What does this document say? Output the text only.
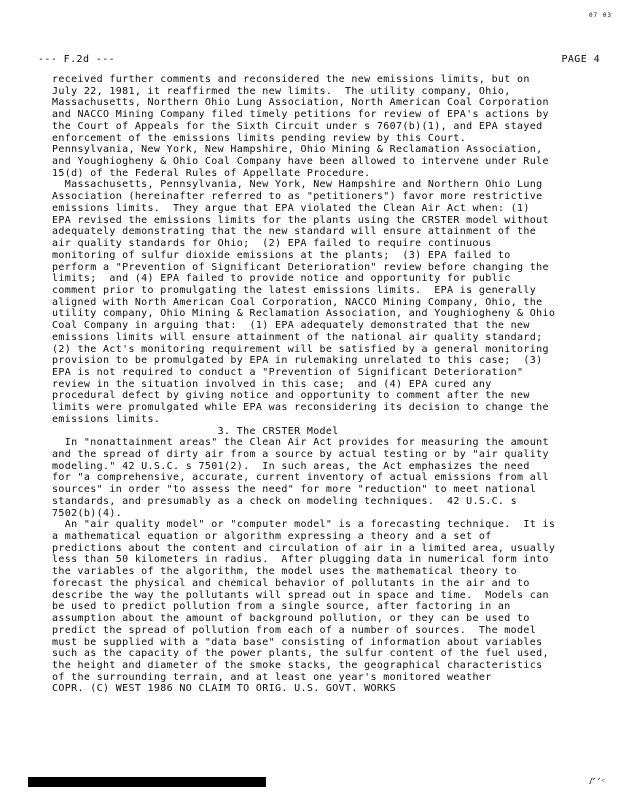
07 03
--- F.2d ---	PAGE 4
received further comments and reconsidered the new emissions limits, but on
July 22, 1981, it reaffirmed the new limits.  The utility company, Ohio,
Massachusetts, Northern Ohio Lung Association, North American Coal Corporation
and NACCO Mining Company filed timely petitions for review of EPA's actions by
the Court of Appeals for the Sixth Circuit under s 7607(b)(1), and EPA stayed
enforcement of the emissions limits pending review by this Court.
Pennsylvania, New York, New Hampshire, Ohio Mining & Reclamation Association,
and Youghiogheny & Ohio Coal Company have been allowed to intervene under Rule
15(d) of the Federal Rules of Appellate Procedure.
Massachusetts, Pennsylvania, New York, New Hampshire and Northern Ohio Lung
Association (hereinafter referred to as "petitioners") favor more restrictive
emissions limits.  They argue that EPA violated the Clean Air Act when: (1)
EPA revised the emissions limits for the plants using the CRSTER model without
adequately demonstrating that the new standard will ensure attainment of the
air quality standards for Ohio;  (2) EPA failed to require continuous
monitoring of sulfur dioxide emissions at the plants;  (3) EPA failed to
perform a "Prevention of Significant Deterioration" review before changing the
limits;  and (4) EPA failed to provide notice and opportunity for public
comment prior to promulgating the latest emissions limits.  EPA is generally
aligned with North American Coal Corporation, NACCO Mining Company, Ohio, the
utility company, Ohio Mining & Reclamation Association, and Youghiogheny & Ohio
Coal Company in arguing that:  (1) EPA adequately demonstrated that the new
emissions limits will ensure attainment of the national air quality standard;
(2) the Act's monitoring requirement will be satisfied by a general monitoring
provision to be promulgated by EPA in rulemaking unrelated to this case;  (3)
EPA is not required to conduct a "Prevention of Significant Deterioration"
review in the situation involved in this case;  and (4) EPA cured any
procedural defect by giving notice and opportunity to comment after the new
limits were promulgated while EPA was reconsidering its decision to change the
emissions limits.
3. The CRSTER Model
In "nonattainment areas" the Clean Air Act provides for measuring the amount
and the spread of dirty air from a source by actual testing or by "air quality
modeling." 42 U.S.C. s 7501(2).  In such areas, the Act emphasizes the need
for "a comprehensive, accurate, current inventory of actual emissions from all
sources" in order "to assess the need" for more "reduction" to meet national
standards, and presumably as a check on modeling techniques.  42 U.S.C. s
7502(b)(4).
An "air quality model" or "computer model" is a forecasting technique.  It is
a mathematical equation or algorithm expressing a theory and a set of
predictions about the content and circulation of air in a limited area, usually
less than 50 kilometers in radius.  After plugging data in numerical form into
the variables of the algorithm, the model uses the mathematical theory to
forecast the physical and chemical behavior of pollutants in the air and to
describe the way the pollutants will spread out in space and time.  Models can
be used to predict pollution from a single source, after factoring in an
assumption about the amount of background pollution, or they can be used to
predict the spread of pollution from each of a number of sources.  The model
must be supplied with a "data base" consisting of information about variables
such as the capacity of the power plants, the sulfur content of the fuel used,
the height and diameter of the smoke stacks, the geographical characteristics
of the surrounding terrain, and at least one year's monitored weather
COPR. (C) WEST 1986 NO CLAIM TO ORIG. U.S. GOVT. WORKS
ꭍʼʼᶜ
